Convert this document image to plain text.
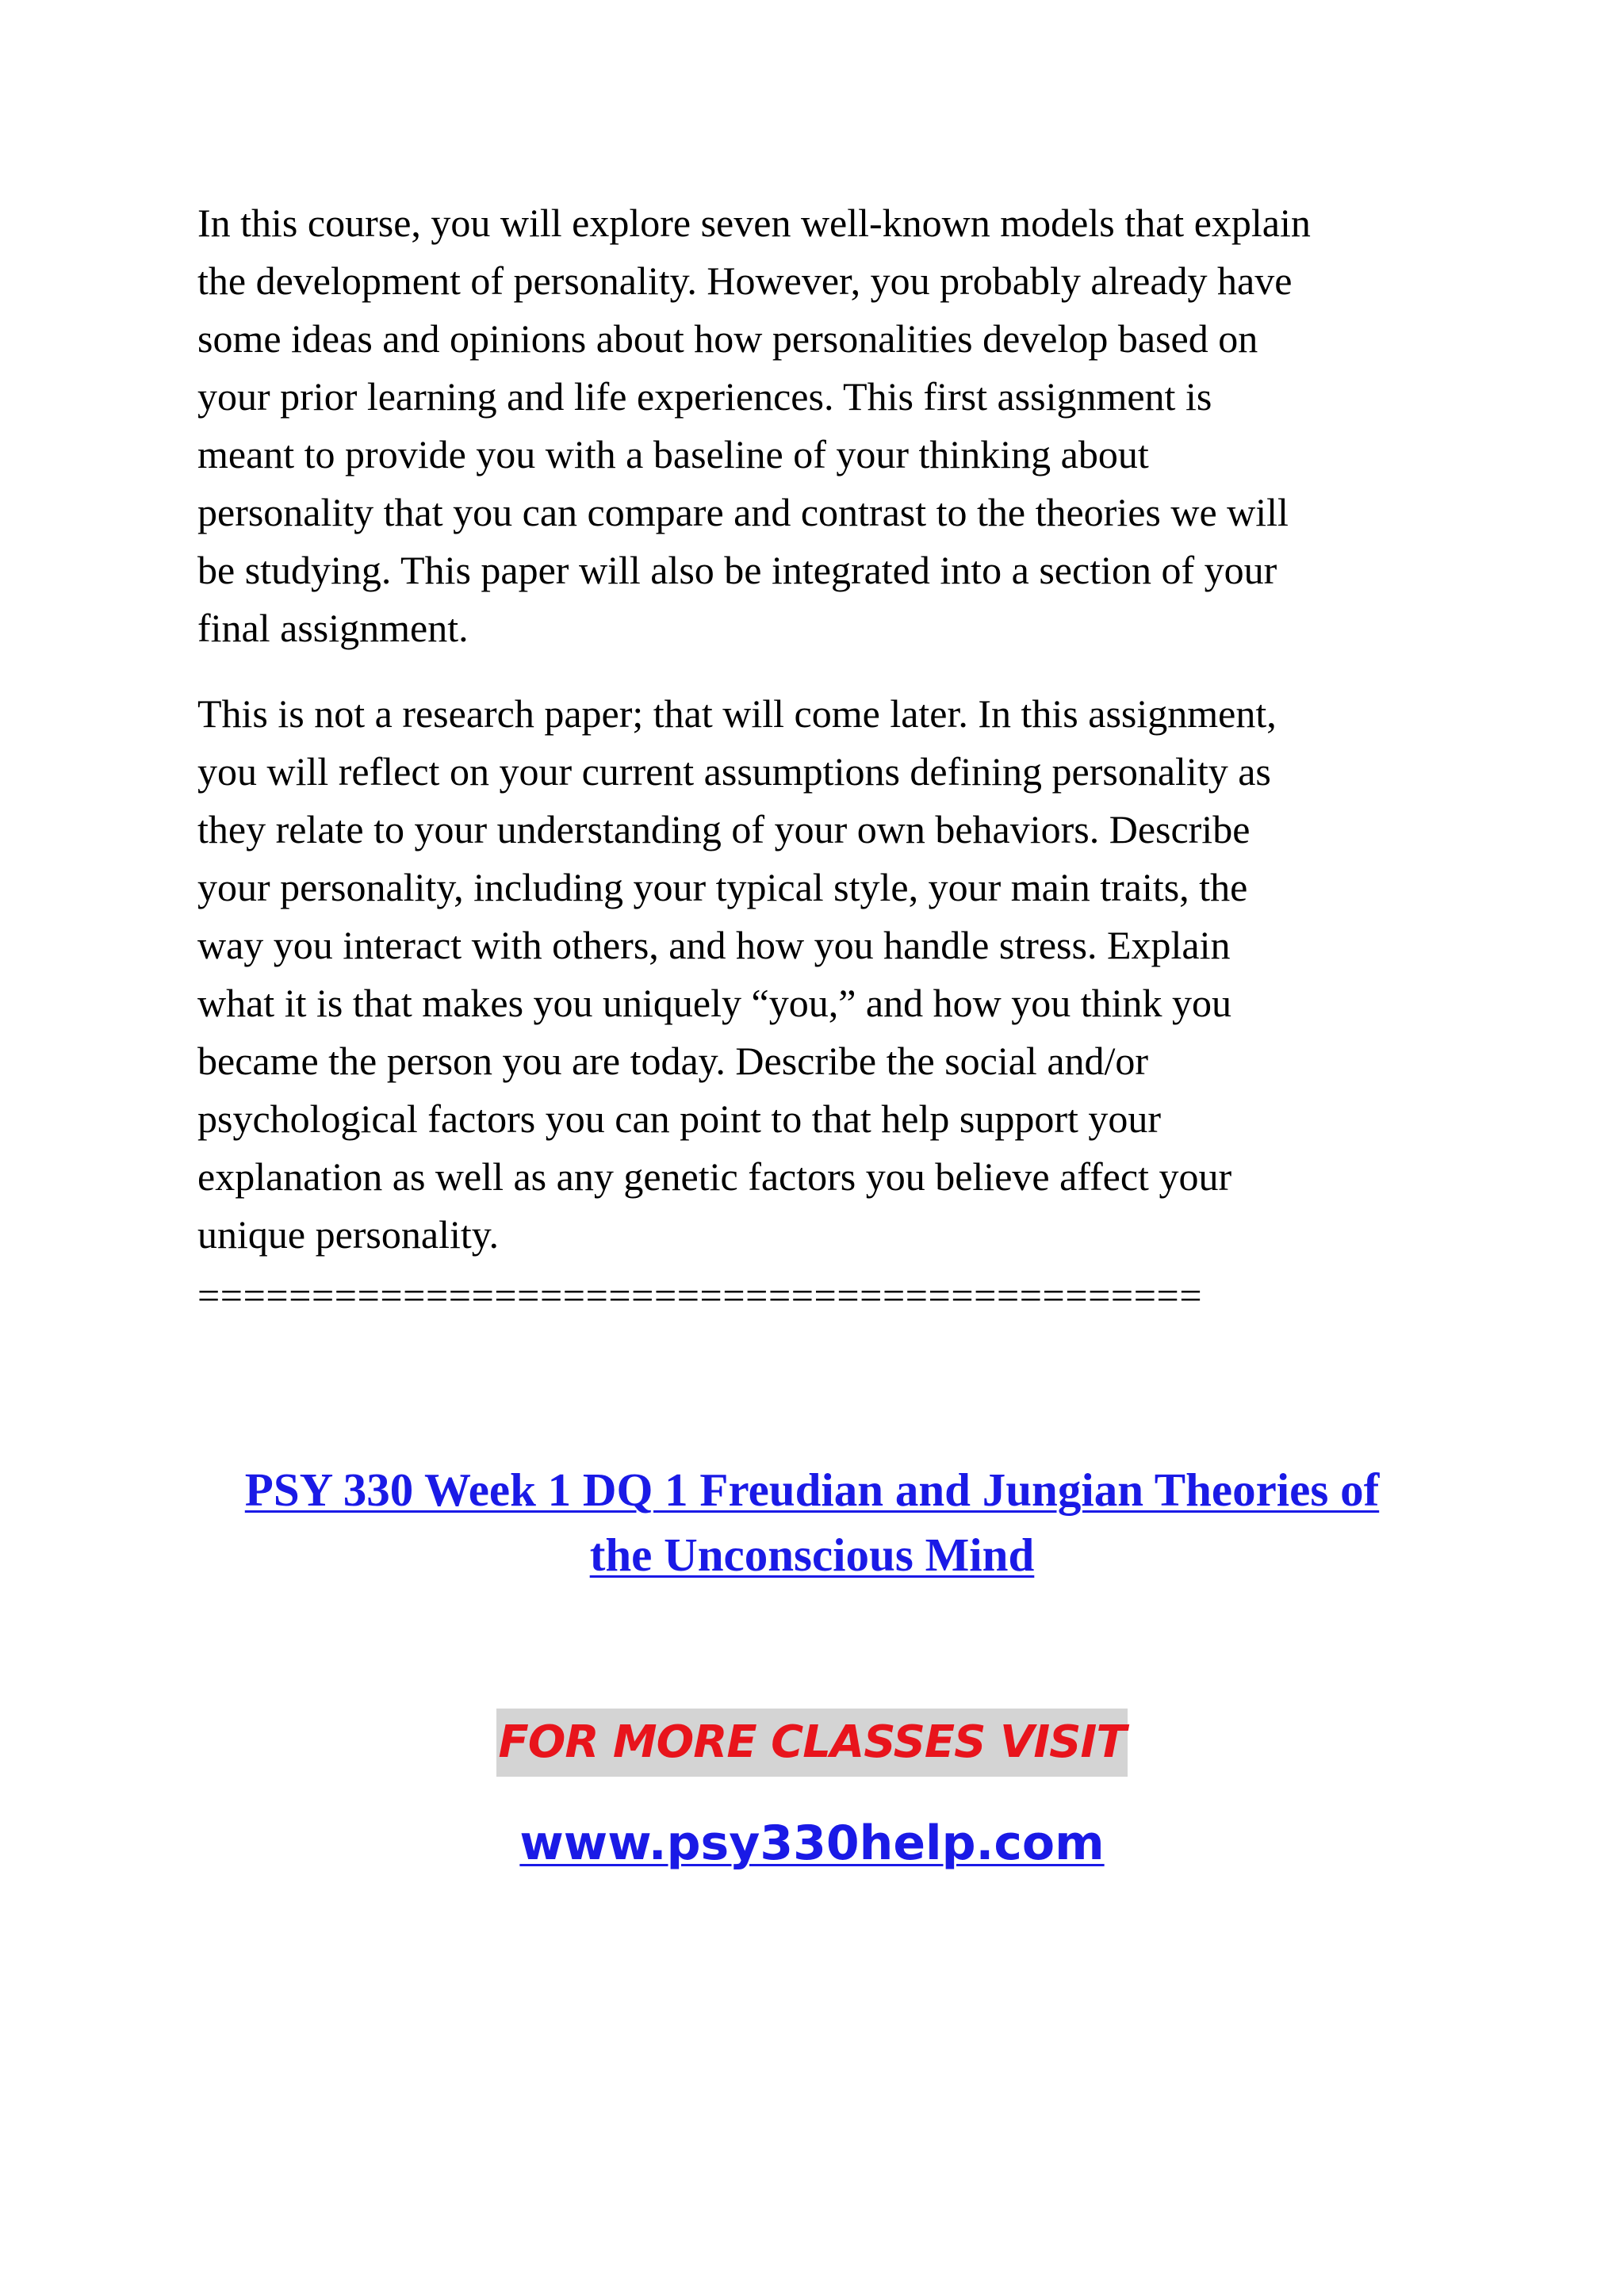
In this course, you will explore seven well-known models that explain
the development of personality. However, you probably already have
some ideas and opinions about how personalities develop based on
your prior learning and life experiences. This first assignment is
meant to provide you with a baseline of your thinking about
personality that you can compare and contrast to the theories we will
be studying. This paper will also be integrated into a section of your
final assignment.

This is not a research paper; that will come later. In this assignment,
you will reflect on your current assumptions defining personality as
they relate to your understanding of your own behaviors. Describe
your personality, including your typical style, your main traits, the
way you interact with others, and how you handle stress. Explain
what it is that makes you uniquely “you,” and how you think you
became the person you are today. Describe the social and/or
psychological factors you can point to that help support your
explanation as well as any genetic factors you believe affect your
unique personality.

============================================
PSY 330 Week 1 DQ 1 Freudian and Jungian Theories of
the Unconscious Mind
FOR MORE CLASSES VISIT
www.psy330help.com
